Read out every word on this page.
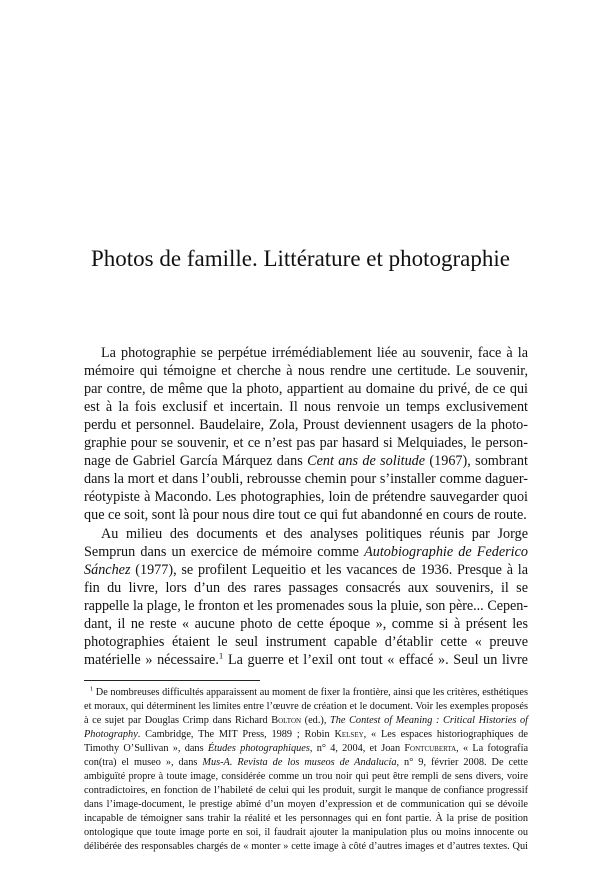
Photos de famille. Littérature et photographie

La photographie se perpétue irrémédiablement liée au souvenir, face à la

mémoire qui témoigne et cherche à nous rendre une certitude. Le souvenir,

par contre, de même que la photo, appartient au domaine du privé, de ce qui

est à la fois exclusif et incertain. Il nous renvoie un temps exclusivement

perdu et personnel. Baudelaire, Zola, Proust deviennent usagers de la photo-

graphie pour se souvenir, et ce n’est pas par hasard si Melquiades, le person-

nage de Gabriel García Márquez dans Cent ans de solitude (1967), sombrant

dans la mort et dans l’oubli, rebrousse chemin pour s’installer comme daguer-

réotypiste à Macondo. Les photographies, loin de prétendre sauvegarder quoi

que ce soit, sont là pour nous dire tout ce qui fut abandonné en cours de route.

Au milieu des documents et des analyses politiques réunis par Jorge

Semprun dans un exercice de mémoire comme Autobiographie de Federico

Sánchez (1977), se profilent Lequeitio et les vacances de 1936. Presque à la

fin du livre, lors d’un des rares passages consacrés aux souvenirs, il se

rappelle la plage, le fronton et les promenades sous la pluie, son père... Cepen-

dant, il ne reste « aucune photo de cette époque », comme si à présent les

photographies étaient le seul instrument capable d’établir cette « preuve

matérielle » nécessaire.$^1$ La guerre et l’exil ont tout « effacé ». Seul un livre

$^1$ De nombreuses difficultés apparaissent au moment de fixer la frontière, ainsi que les critères, esthétiques

et moraux, qui déterminent les limites entre l’œuvre de création et le document. Voir les exemples proposés

à ce sujet par Douglas Crimp dans Richard Bolton (ed.), The Contest of Meaning : Critical Histories of

Photography. Cambridge, The MIT Press, 1989 ; Robin Kelsey, « Les espaces historiographiques de

Timothy O’Sullivan », dans Études photographiques, n° 4, 2004, et Joan Fontcuberta, « La fotografía

con(tra) el museo », dans Mus-A. Revista de los museos de Andalucía, n° 9, février 2008. De cette

ambiguïté propre à toute image, considérée comme un trou noir qui peut être rempli de sens divers, voire

contradictoires, en fonction de l’habileté de celui qui les produit, surgit le manque de confiance progressif

dans l’image-document, le prestige abîmé d’un moyen d’expression et de communication qui se dévoile

incapable de témoigner sans trahir la réalité et les personnages qui en font partie. À la prise de position

ontologique que toute image porte en soi, il faudrait ajouter la manipulation plus ou moins innocente ou

délibérée des responsables chargés de « monter » cette image à côté d’autres images et d’autres textes. Qui
